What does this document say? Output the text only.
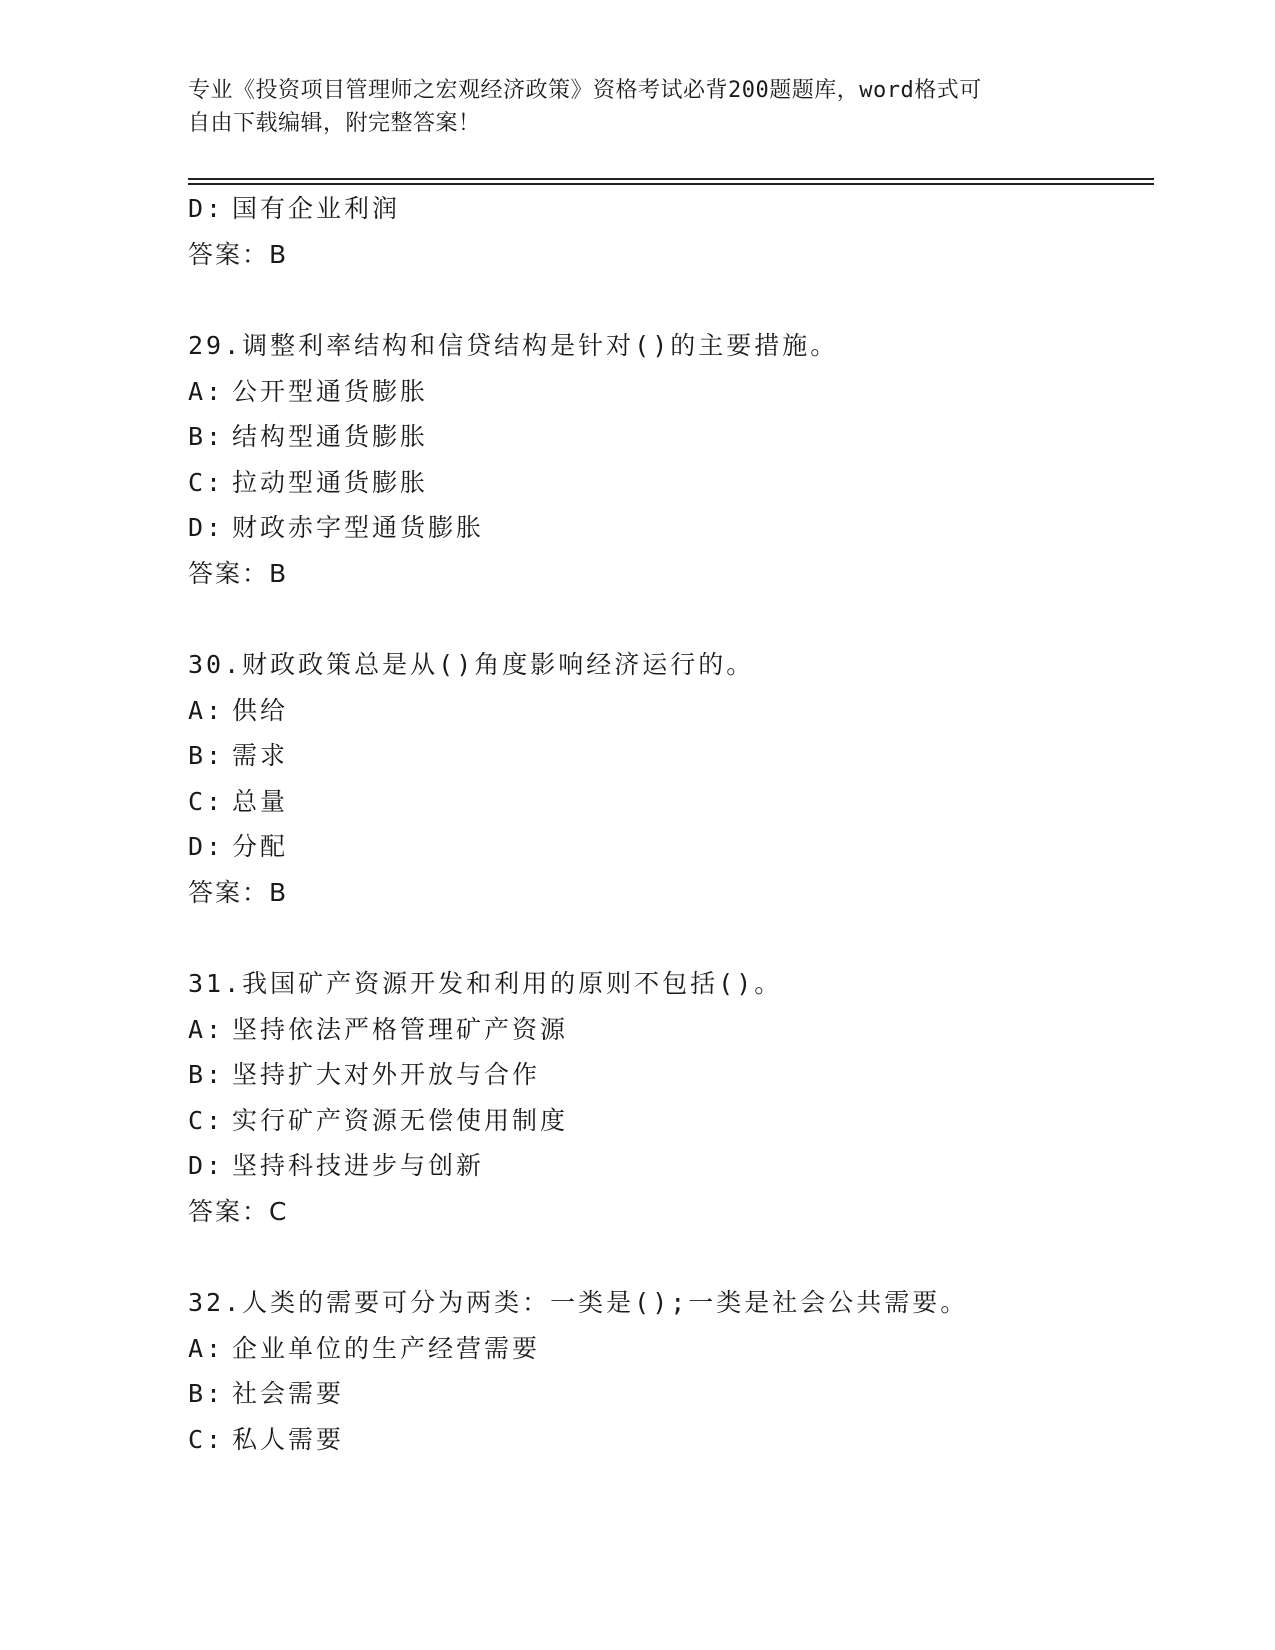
专业《投资项目管理师之宏观经济政策》资格考试必背200题题库，word格式可
自由下载编辑，附完整答案！
D: 国有企业利润
答案：B
29.调整利率结构和信贷结构是针对()的主要措施。
A: 公开型通货膨胀
B: 结构型通货膨胀
C: 拉动型通货膨胀
D: 财政赤字型通货膨胀
答案：B
30.财政政策总是从()角度影响经济运行的。
A: 供给
B: 需求
C: 总量
D: 分配
答案：B
31.我国矿产资源开发和利用的原则不包括()。
A: 坚持依法严格管理矿产资源
B: 坚持扩大对外开放与合作
C: 实行矿产资源无偿使用制度
D: 坚持科技进步与创新
答案：C
32.人类的需要可分为两类：一类是();一类是社会公共需要。
A: 企业单位的生产经营需要
B: 社会需要
C: 私人需要
